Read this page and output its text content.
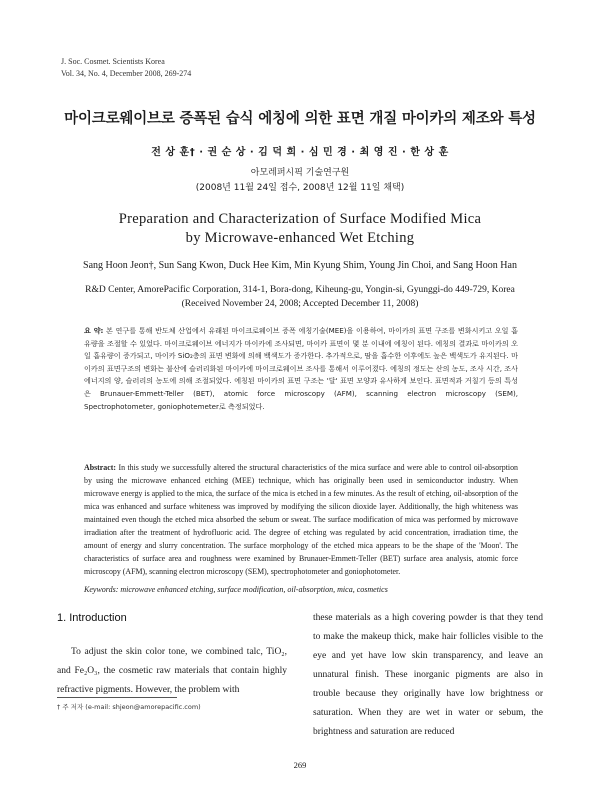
J. Soc. Cosmet. Scientists Korea
Vol. 34, No. 4, December 2008, 269-274
마이크로웨이브로 증폭된 습식 에칭에 의한 표면 개질 마이카의 제조와 특성
전 상 훈† · 권 순 상 · 김 덕 희 · 심 민 경 · 최 영 진 · 한 상 훈
아모레퍼시픽 기술연구원
(2008년 11월 24일 접수, 2008년 12월 11일 채택)
Preparation and Characterization of Surface Modified Mica
by Microwave-enhanced Wet Etching
Sang Hoon Jeon†, Sun Sang Kwon, Duck Hee Kim, Min Kyung Shim, Young Jin Choi, and Sang Hoon Han
R&D Center, AmorePacific Corporation, 314-1, Bora-dong, Kiheung-gu, Yongin-si, Gyunggi-do 449-729, Korea
(Received November 24, 2008; Accepted December 11, 2008)
요 약: 본 연구를 통해 반도체 산업에서 유래된 마이크로웨이브 증폭 에칭기술(MEE)을 이용하여, 마이카의 표면 구조를 변화시키고 오일 흡유량을 조절할 수 있었다. 마이크로웨이브 에너지가 마이카에 조사되면, 마이카 표면이 몇 분 이내에 에칭이 된다. 에칭의 결과로 마이카의 오일 흡유량이 증가되고, 마이카 SiO₂층의 표면 변화에 의해 백색도가 증가한다. 추가적으로, 땀을 흡수한 이후에도 높은 백색도가 유지된다. 마이카의 표면구조의 변화는 불산에 슬러리화된 마이카에 마이크로웨이브 조사를 통해서 이루어졌다. 에칭의 정도는 산의 농도, 조사 시간, 조사 에너지의 양, 슬러리의 농도에 의해 조절되었다. 에칭된 마이카의 표면 구조는 '달' 표면 모양과 유사하게 보인다. 표면적과 거칠기 등의 특성은 Brunauer-Emmett-Teller (BET), atomic force microscopy (AFM), scanning electron microscopy (SEM), Spectrophotometer, goniophotemeter로 측정되었다.
Abstract: In this study we successfully altered the structural characteristics of the mica surface and were able to control oil-absorption by using the microwave enhanced etching (MEE) technique, which has originally been used in semiconductor industry. When microwave energy is applied to the mica, the surface of the mica is etched in a few minutes. As the result of etching, oil-absorption of the mica was enhanced and surface whiteness was improved by modifying the silicon dioxide layer. Additionally, the high whiteness was maintained even though the etched mica absorbed the sebum or sweat. The surface modification of mica was performed by microwave irradiation after the treatment of hydrofluoric acid. The degree of etching was regulated by acid concentration, irradiation time, the amount of energy and slurry concentration. The surface morphology of the etched mica appears to be the shape of the 'Moon'. The characteristics of surface area and roughness were examined by Brunauer-Emmett-Teller (BET) surface area analysis, atomic force microscopy (AFM), scanning electron microscopy (SEM), spectrophotometer and goniophotometer.
Keywords: microwave enhanced etching, surface modification, oil-absorption, mica, cosmetics
1. Introduction
To adjust the skin color tone, we combined talc, TiO₂, and Fe₂O₃, the cosmetic raw materials that contain highly refractive pigments. However, the problem with
these materials as a high covering powder is that they tend to make the makeup thick, make hair follicles visible to the eye and yet have low skin transparency, and leave an unnatural finish. These inorganic pigments are also in trouble because they originally have low brightness or saturation. When they are wet in water or sebum, the brightness and saturation are reduced
† 주 저자 (e-mail: shjeon@amorepacific.com)
269
